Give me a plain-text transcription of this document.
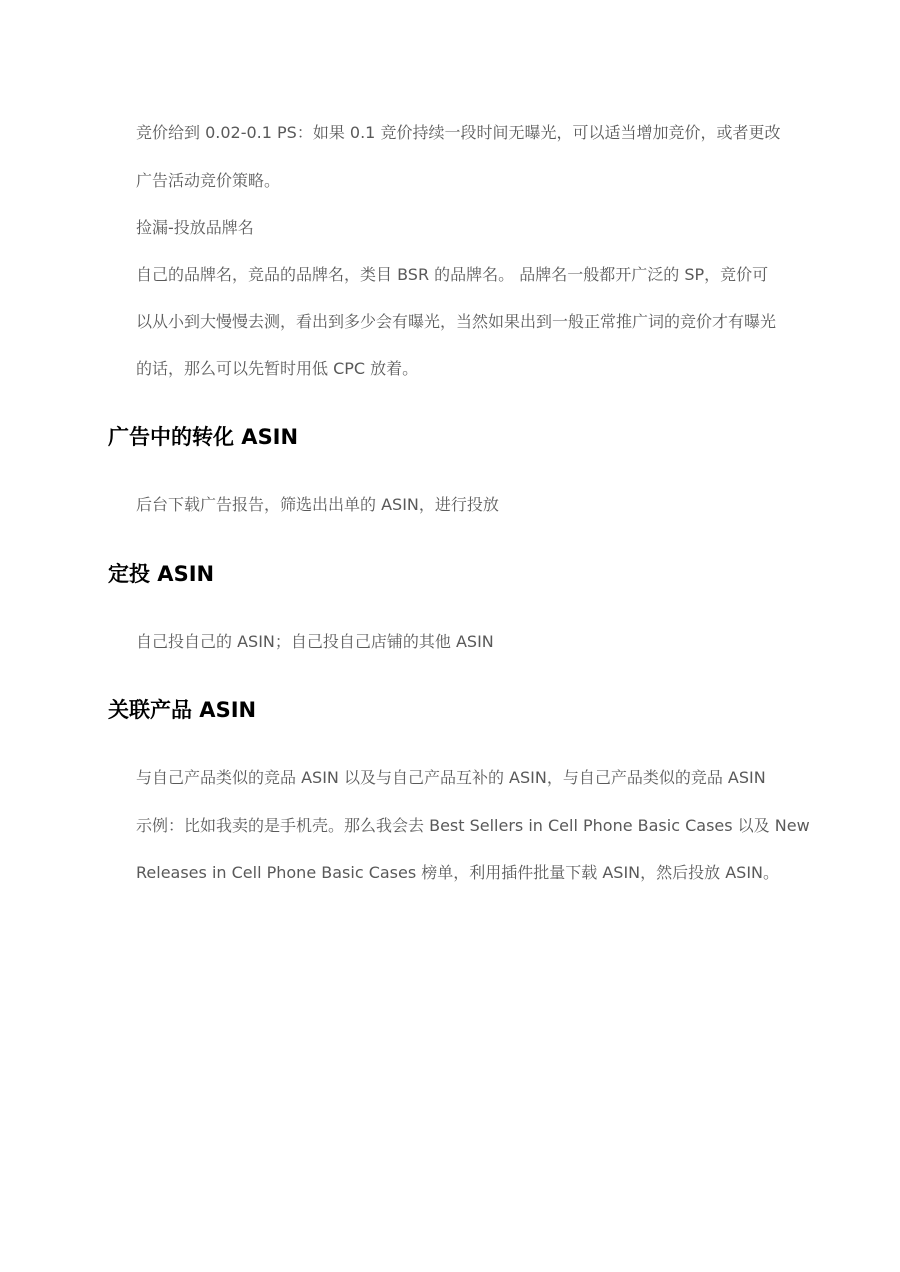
竞价给到 0.02-0.1 PS：如果 0.1 竞价持续一段时间无曝光，可以适当增加竞价，或者更改
广告活动竞价策略。
捡漏-投放品牌名
自己的品牌名，竞品的品牌名，类目 BSR 的品牌名。 品牌名一般都开广泛的 SP，竞价可
以从小到大慢慢去测，看出到多少会有曝光，当然如果出到一般正常推广词的竞价才有曝光
的话，那么可以先暂时用低 CPC 放着。
广告中的转化 ASIN
后台下载广告报告，筛选出出单的 ASIN，进行投放
定投 ASIN
自己投自己的 ASIN；自己投自己店铺的其他 ASIN
关联产品 ASIN
与自己产品类似的竞品 ASIN 以及与自己产品互补的 ASIN，与自己产品类似的竞品 ASIN
示例：比如我卖的是手机壳。那么我会去 Best Sellers in Cell Phone Basic Cases 以及 New
Releases in Cell Phone Basic Cases 榜单，利用插件批量下载 ASIN，然后投放 ASIN。
